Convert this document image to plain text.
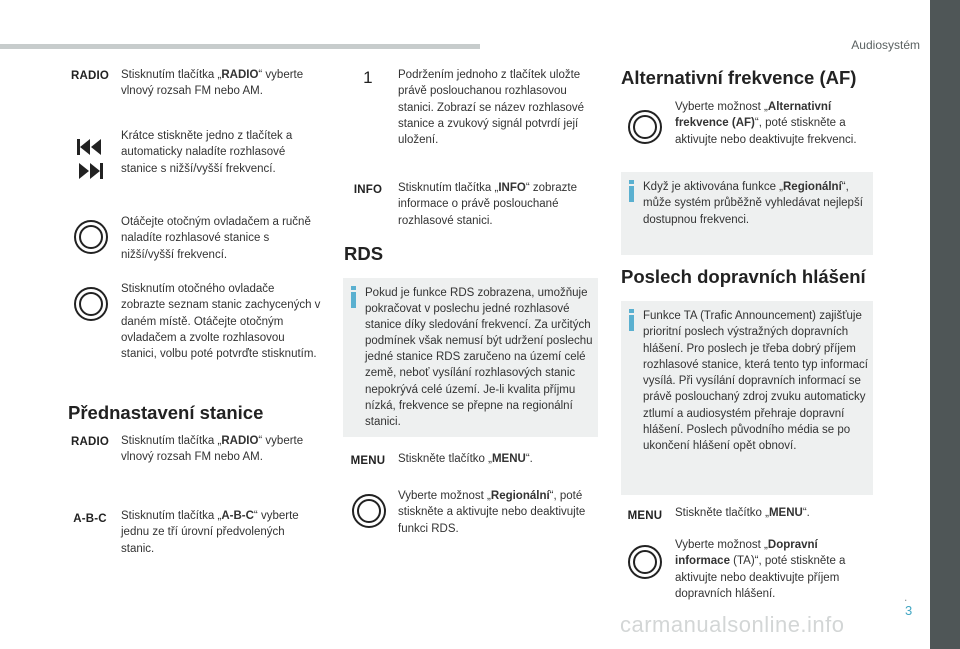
Audiosystém
.
3
RADIO	Stisknutím tlačítka „RADIO“ vyberte vlnový rozsah FM nebo AM.
Krátce stiskněte jedno z tlačítek a automaticky naladíte rozhlasové stanice s nižší/vyšší frekvencí.
Otáčejte otočným ovladačem a ručně naladíte rozhlasové stanice s nižší/vyšší frekvencí.
Stisknutím otočného ovladače zobrazte seznam stanic zachycených v daném místě. Otáčejte otočným ovladačem a zvolte rozhlasovou stanici, volbu poté potvrďte stisknutím.
Přednastavení stanice
RADIO	Stisknutím tlačítka „RADIO“ vyberte vlnový rozsah FM nebo AM.
A-B-C	Stisknutím tlačítka „A-B-C“ vyberte jednu ze tří úrovní předvolených stanic.
1	Podržením jednoho z tlačítek uložte právě poslouchanou rozhlasovou stanici. Zobrazí se název rozhlasové stanice a zvukový signál potvrdí její uložení.
INFO	Stisknutím tlačítka „INFO“ zobrazte informace o právě poslouchané rozhlasové stanici.
RDS
Pokud je funkce RDS zobrazena, umožňuje pokračovat v poslechu jedné rozhlasové stanice díky sledování frekvencí. Za určitých podmínek však nemusí být udržení poslechu jedné stanice RDS zaručeno na území celé země, neboť vysílání rozhlasových stanic nepokrývá celé území. Je-li kvalita příjmu nízká, frekvence se přepne na regionální stanici.
MENU	Stiskněte tlačítko „MENU“.
Vyberte možnost „Regionální“, poté stiskněte a aktivujte nebo deaktivujte funkci RDS.
Alternativní frekvence (AF)
Vyberte možnost „Alternativní frekvence (AF)“, poté stiskněte a aktivujte nebo deaktivujte frekvenci.
Když je aktivována funkce „Regionální“, může systém průběžně vyhledávat nejlepší dostupnou frekvenci.
Poslech dopravních hlášení
Funkce TA (Trafic Announcement) zajišťuje prioritní poslech výstražných dopravních hlášení. Pro poslech je třeba dobrý příjem rozhlasové stanice, která tento typ informací vysílá. Při vysílání dopravních informací se právě poslouchaný zdroj zvuku automaticky ztlumí a audiosystém přehraje dopravní hlášení. Poslech původního média se po ukončení hlášení opět obnoví.
MENU	Stiskněte tlačítko „MENU“.
Vyberte možnost „Dopravní informace (TA)“, poté stiskněte a aktivujte nebo deaktivujte příjem dopravních hlášení.
carmanualsonline.info
